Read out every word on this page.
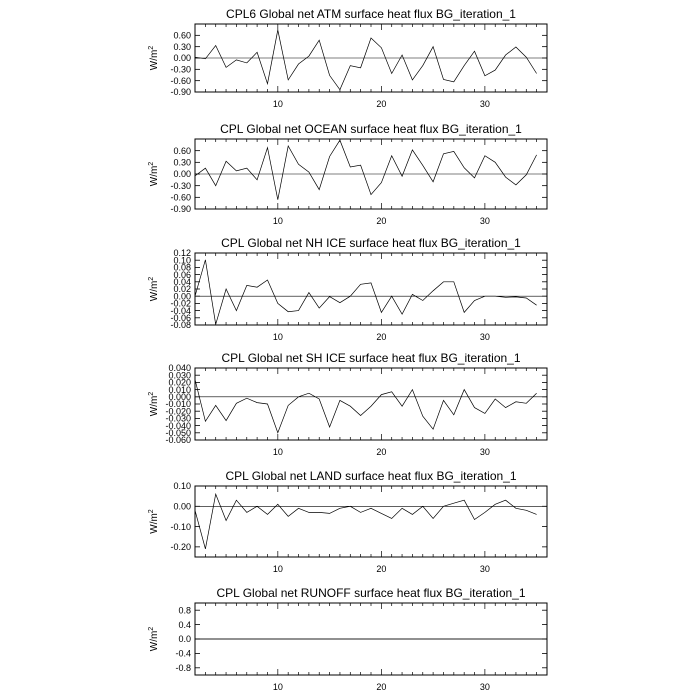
CPL6 Global net ATM surface heat flux BG_iteration_1
0.60
0.30
0.00
-0.30
-0.60
-0.90
10	20	30
$W/m^2$
CPL Global net OCEAN surface heat flux BG_iteration_1
0.60
0.30
0.00
-0.30
-0.60
-0.90
10	20	30
$W/m^2$
CPL Global net NH ICE surface heat flux BG_iteration_1
0.12
0.10
0.08
0.06
0.04
0.02
0.00
-0.02
-0.04
-0.06
-0.08
10	20	30
$W/m^2$
CPL Global net SH ICE surface heat flux BG_iteration_1
0.040
0.030
0.020
0.010
0.000
-0.010
-0.020
-0.030
-0.040
-0.050
-0.060
10	20	30
$W/m^2$
CPL Global net LAND surface heat flux BG_iteration_1
0.10
0.00
-0.10
-0.20
10	20	30
$W/m^2$
CPL Global net RUNOFF surface heat flux BG_iteration_1
0.8
0.4
0.0
-0.4
-0.8
10	20	30
$W/m^2$
